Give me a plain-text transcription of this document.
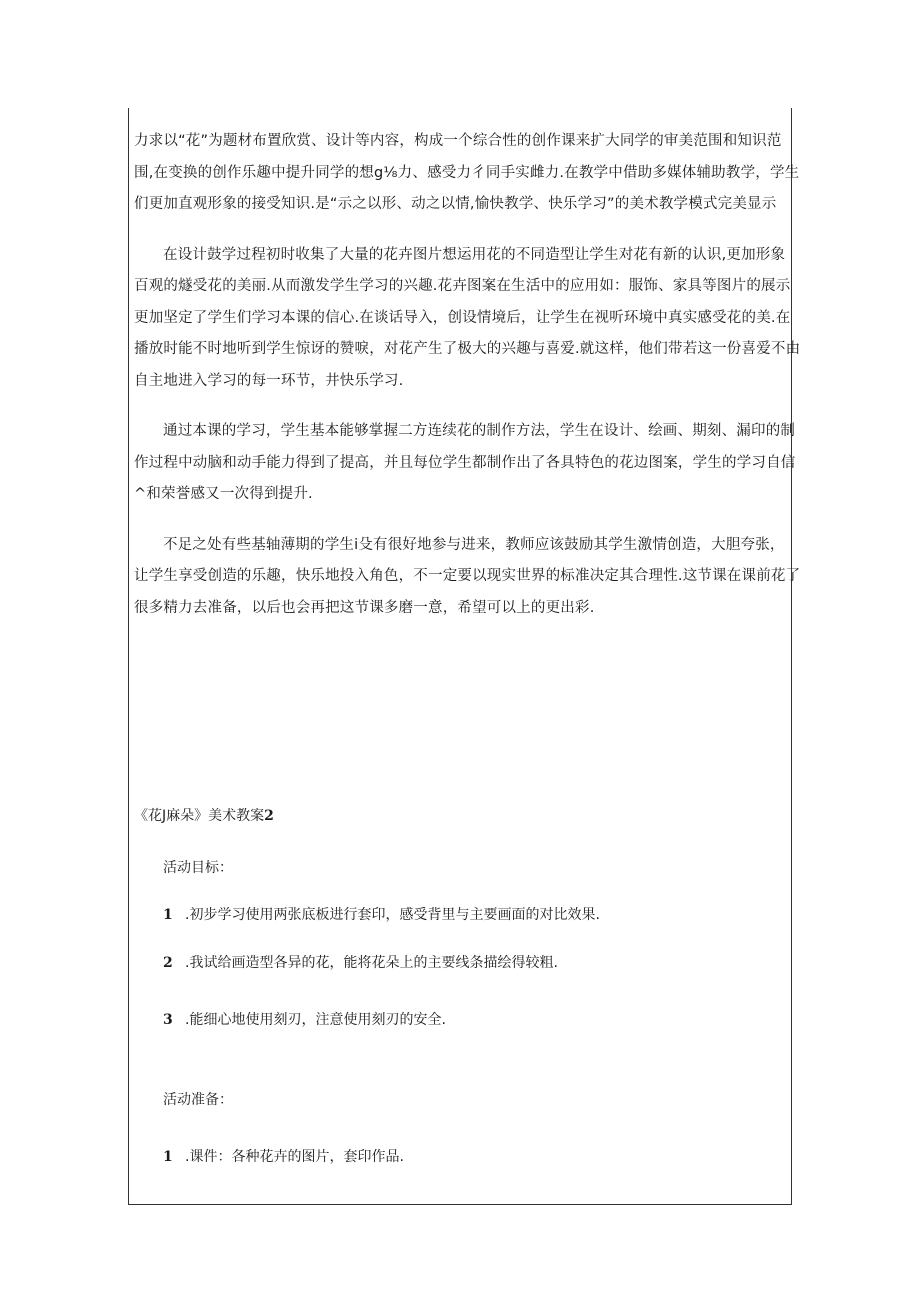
力求以“花”为题材布置欣赏、设计等内容，构成一个综合性的创作课来扩大同学的审美范围和知识范
围,在变换的创作乐趣中提升同学的想g⅛力、感受力彳同手实雌力.在教学中借助多媒体辅助教学，学生
们更加直观形象的接受知识.是“示之以形、动之以情,愉快教学、快乐学习”的美术教学模式完美显示
在设计鼓学过程初时收集了大量的花卉图片想运用花的不同造型让学生对花有新的认识,更加形象
百观的燧受花的美丽.从而激发学生学习的兴趣.花卉图案在生活中的应用如：服饰、家具等图片的展示
更加坚定了学生们学习本课的信心.在谈话导入，创设情境后，让学生在视听环境中真实感受花的美.在
播放时能不时地听到学生惊讶的赞唳，对花产生了极大的兴趣与喜爱.就这样，他们带若这一份喜爱不由
自主地进入学习的每一环节，井快乐学习.
通过本课的学习，学生基本能够掌握二方连续花的制作方法，学生在设计、绘画、期刻、漏印的制
作过程中动脑和动手能力得到了提高，并且每位学生都制作出了各具特色的花边图案，学生的学习自信
^和荣誉感又一次得到提升.
不足之处有些基轴薄期的学生i殳有很好地参与进来，教师应该鼓励其学生激情创造，大胆夸张，
让学生享受创造的乐趣，快乐地投入角色，不一定要以现实世界的标准决定其合理性.这节课在课前花了
很多精力去准备，以后也会再把这节课多磨一意，希望可以上的更出彩.
《花J麻朵》美术教案2
活动目标：
1 .初步学习使用两张底板进行套印，感受背里与主要画面的对比效果.
2 .我试给画造型各异的花，能将花朵上的主要线条描绘得较粗.
3 .能细心地使用刻刃，注意使用刻刃的安全.
活动准备：
1 .课件：各种花卉的图片，套印作品.
